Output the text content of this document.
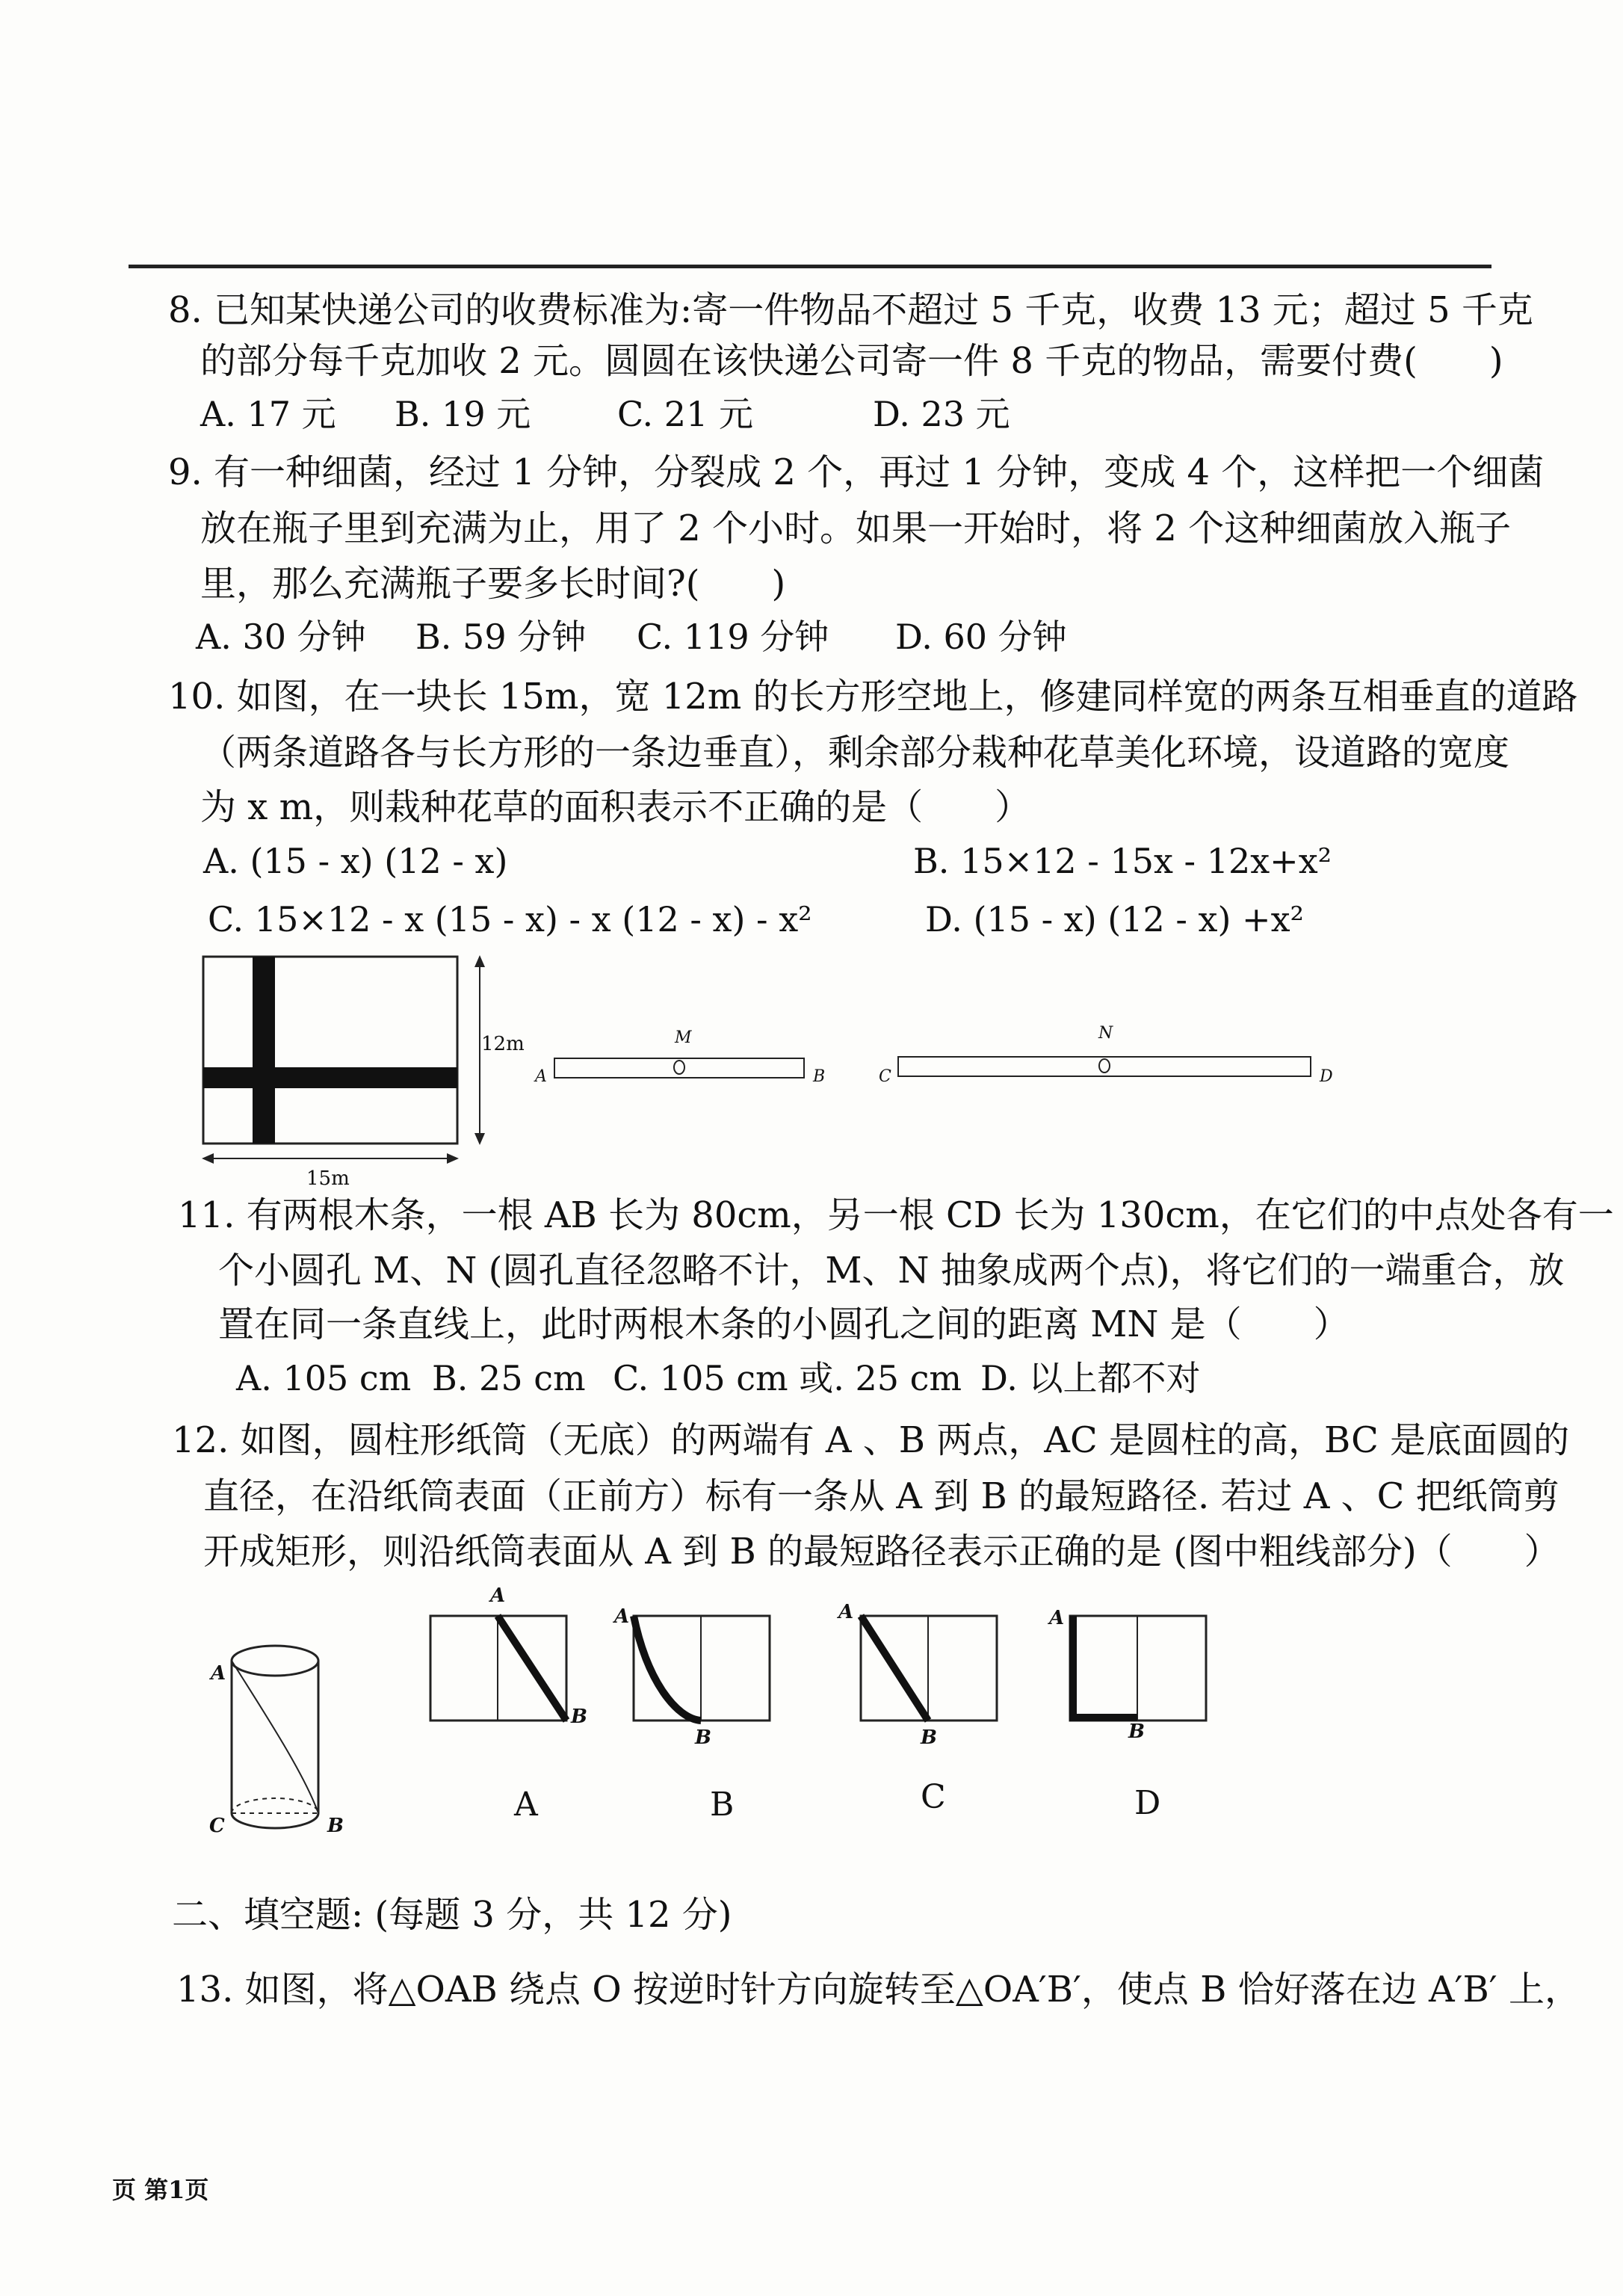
8. 已知某快递公司的收费标准为:寄一件物品不超过 5 千克，收费 13 元；超过 5 千克
的部分每千克加收 2 元。圆圆在该快递公司寄一件 8 千克的物品，需要付费(　　)
A. 17 元 B. 19 元	C. 21 元	D. 23 元
9. 有一种细菌，经过 1 分钟，分裂成 2 个，再过 1 分钟，变成 4 个，这样把一个细菌
放在瓶子里到充满为止，用了 2 个小时。如果一开始时，将 2 个这种细菌放入瓶子
里，那么充满瓶子要多长时间?(　　)
A. 30 分钟 B. 59 分钟 C. 119 分钟 D. 60 分钟
10. 如图，在一块长 15m，宽 12m 的长方形空地上，修建同样宽的两条互相垂直的道路
（两条道路各与长方形的一条边垂直），剩余部分栽种花草美化环境，设道路的宽度
为 x m，则栽种花草的面积表示不正确的是（　　）
A. (15 - x) (12 - x)	B. 15×12 - 15x - 12x+x²
C. 15×12 - x (15 - x) - x (12 - x) - x²	D. (15 - x) (12 - x) +x²
12m
15m
A	B
M
C	D
N
11. 有两根木条，一根 AB 长为 80cm，另一根 CD 长为 130cm，在它们的中点处各有一
个小圆孔 M、N (圆孔直径忽略不计，M、N 抽象成两个点)，将它们的一端重合，放
置在同一条直线上，此时两根木条的小圆孔之间的距离 MN 是（　　）
A. 105 cm B. 25 cm C. 105 cm 或. 25 cm D. 以上都不对
12. 如图，圆柱形纸筒（无底）的两端有 A 、B 两点，AC 是圆柱的高，BC 是底面圆的
直径，在沿纸筒表面（正前方）标有一条从 A 到 B 的最短路径. 若过 A 、C 把纸筒剪
开成矩形，则沿纸筒表面从 A 到 B 的最短路径表示正确的是 (图中粗线部分)（　　）
A
C	B
A
B
A
A
B
B
A
B
C
A
B
D
二、填空题: (每题 3 分，共 12 分)
13. 如图，将△OAB 绕点 O 按逆时针方向旋转至△OA′B′，使点 B 恰好落在边 A′B′ 上，
页 第1页
